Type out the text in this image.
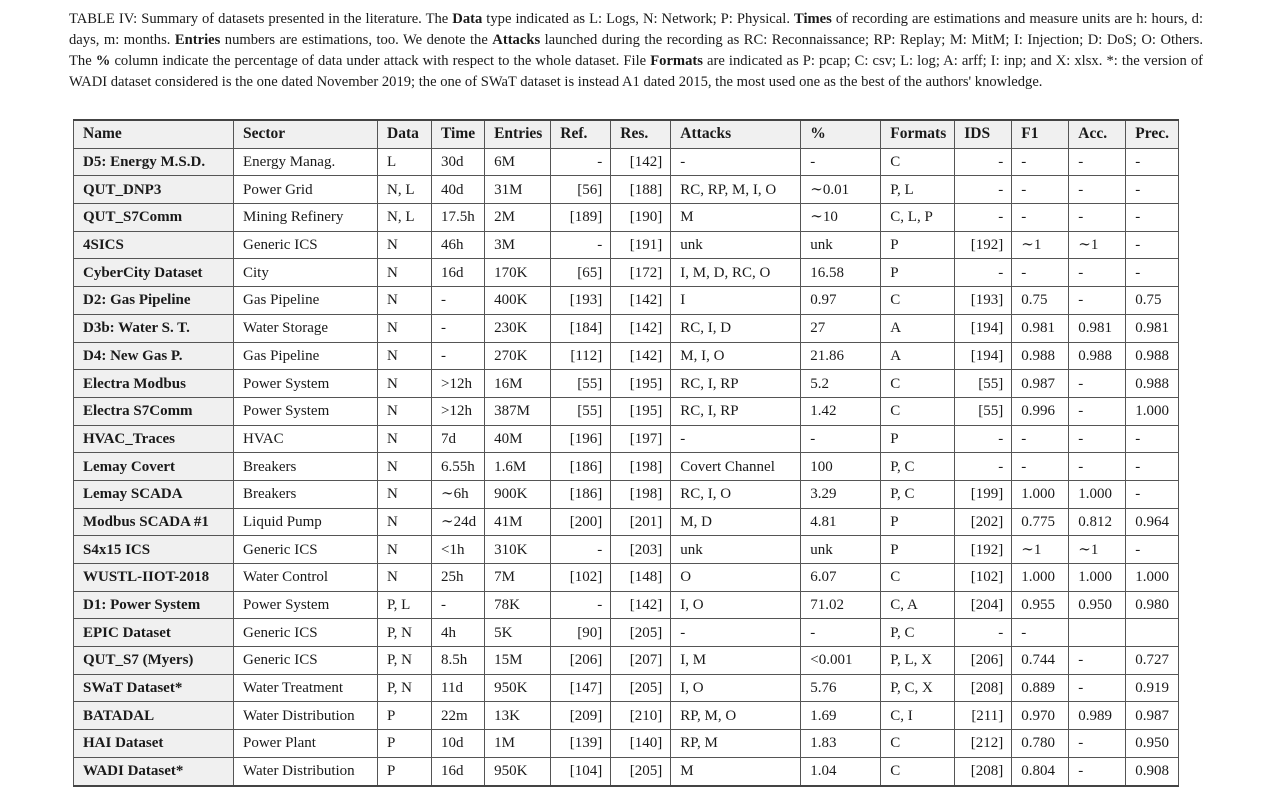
TABLE IV: Summary of datasets presented in the literature. The Data type indicated as L: Logs, N: Network; P: Physical. Times of recording are estimations and measure units are h: hours, d: days, m: months. Entries numbers are estimations, too. We denote the Attacks launched during the recording as RC: Reconnaissance; RP: Replay; M: MitM; I: Injection; D: DoS; O: Others. The % column indicate the percentage of data under attack with respect to the whole dataset. File Formats are indicated as P: pcap; C: csv; L: log; A: arff; I: inp; and X: xlsx. *: the version of WADI dataset considered is the one dated November 2019; the one of SWaT dataset is instead A1 dated 2015, the most used one as the best of the authors' knowledge.
Name	Sector	Data	Time	Entries	Ref.	Res.	Attacks	%	Formats	IDS	F1	Acc.	Prec.
D5: Energy M.S.D.	Energy Manag.	L	30d	6M	-	[142]	-	-	C	-	-	-	-
QUT_DNP3	Power Grid	N, L	40d	31M	[56]	[188]	RC, RP, M, I, O	∼0.01	P, L	-	-	-	-
QUT_S7Comm	Mining Refinery	N, L	17.5h	2M	[189]	[190]	M	∼10	C, L, P	-	-	-	-
4SICS	Generic ICS	N	46h	3M	-	[191]	unk	unk	P	[192]	∼1	∼1	-
CyberCity Dataset	City	N	16d	170K	[65]	[172]	I, M, D, RC, O	16.58	P	-	-	-	-
D2: Gas Pipeline	Gas Pipeline	N	-	400K	[193]	[142]	I	0.97	C	[193]	0.75	-	0.75
D3b: Water S. T.	Water Storage	N	-	230K	[184]	[142]	RC, I, D	27	A	[194]	0.981	0.981	0.981
D4: New Gas P.	Gas Pipeline	N	-	270K	[112]	[142]	M, I, O	21.86	A	[194]	0.988	0.988	0.988
Electra Modbus	Power System	N	>12h	16M	[55]	[195]	RC, I, RP	5.2	C	[55]	0.987	-	0.988
Electra S7Comm	Power System	N	>12h	387M	[55]	[195]	RC, I, RP	1.42	C	[55]	0.996	-	1.000
HVAC_Traces	HVAC	N	7d	40M	[196]	[197]	-	-	P	-	-	-	-
Lemay Covert	Breakers	N	6.55h	1.6M	[186]	[198]	Covert Channel	100	P, C	-	-	-	-
Lemay SCADA	Breakers	N	∼6h	900K	[186]	[198]	RC, I, O	3.29	P, C	[199]	1.000	1.000	-
Modbus SCADA #1	Liquid Pump	N	∼24d	41M	[200]	[201]	M, D	4.81	P	[202]	0.775	0.812	0.964
S4x15 ICS	Generic ICS	N	<1h	310K	-	[203]	unk	unk	P	[192]	∼1	∼1	-
WUSTL-IIOT-2018	Water Control	N	25h	7M	[102]	[148]	O	6.07	C	[102]	1.000	1.000	1.000
D1: Power System	Power System	P, L	-	78K	-	[142]	I, O	71.02	C, A	[204]	0.955	0.950	0.980
EPIC Dataset	Generic ICS	P, N	4h	5K	[90]	[205]	-	-	P, C	-	-		
QUT_S7 (Myers)	Generic ICS	P, N	8.5h	15M	[206]	[207]	I, M	<0.001	P, L, X	[206]	0.744	-	0.727
SWaT Dataset*	Water Treatment	P, N	11d	950K	[147]	[205]	I, O	5.76	P, C, X	[208]	0.889	-	0.919
BATADAL	Water Distribution	P	22m	13K	[209]	[210]	RP, M, O	1.69	C, I	[211]	0.970	0.989	0.987
HAI Dataset	Power Plant	P	10d	1M	[139]	[140]	RP, M	1.83	C	[212]	0.780	-	0.950
WADI Dataset*	Water Distribution	P	16d	950K	[104]	[205]	M	1.04	C	[208]	0.804	-	0.908
